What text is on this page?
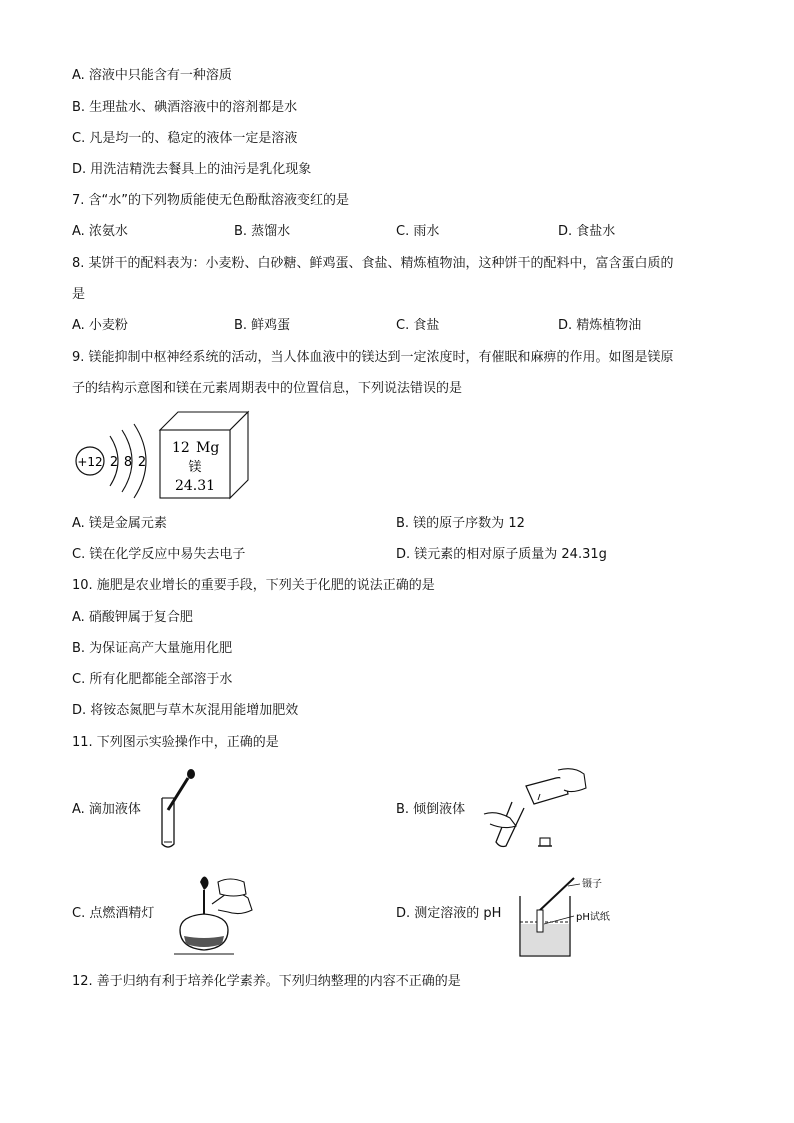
A. 溶液中只能含有一种溶质
B. 生理盐水、碘酒溶液中的溶剂都是水
C. 凡是均一的、稳定的液体一定是溶液
D. 用洗洁精洗去餐具上的油污是乳化现象
7. 含“水”的下列物质能使无色酚酞溶液变红的是
A. 浓氨水	B. 蒸馏水	C. 雨水	D. 食盐水
8. 某饼干的配料表为：小麦粉、白砂糖、鲜鸡蛋、食盐、精炼植物油，这种饼干的配料中，富含蛋白质的
是
A. 小麦粉	B. 鲜鸡蛋	C. 食盐	D. 精炼植物油
9. 镁能抑制中枢神经系统的活动，当人体血液中的镁达到一定浓度时，有催眠和麻痹的作用。如图是镁原
子的结构示意图和镁在元素周期表中的位置信息，下列说法错误的是
+12 2 8 2
12 Mg
镁
24.31
A. 镁是金属元素	B. 镁的原子序数为 12
C. 镁在化学反应中易失去电子	D. 镁元素的相对原子质量为 24.31g
10. 施肥是农业增长的重要手段，下列关于化肥的说法正确的是
A. 硝酸钾属于复合肥
B. 为保证高产大量施用化肥
C. 所有化肥都能全部溶于水
D. 将铵态氮肥与草木灰混用能增加肥效
11. 下列图示实验操作中，正确的是
A. 滴加液体	B. 倾倒液体
C. 点燃酒精灯	D. 测定溶液的 pH
镊子
pH试纸
12. 善于归纳有利于培养化学素养。下列归纳整理的内容不正确的是
